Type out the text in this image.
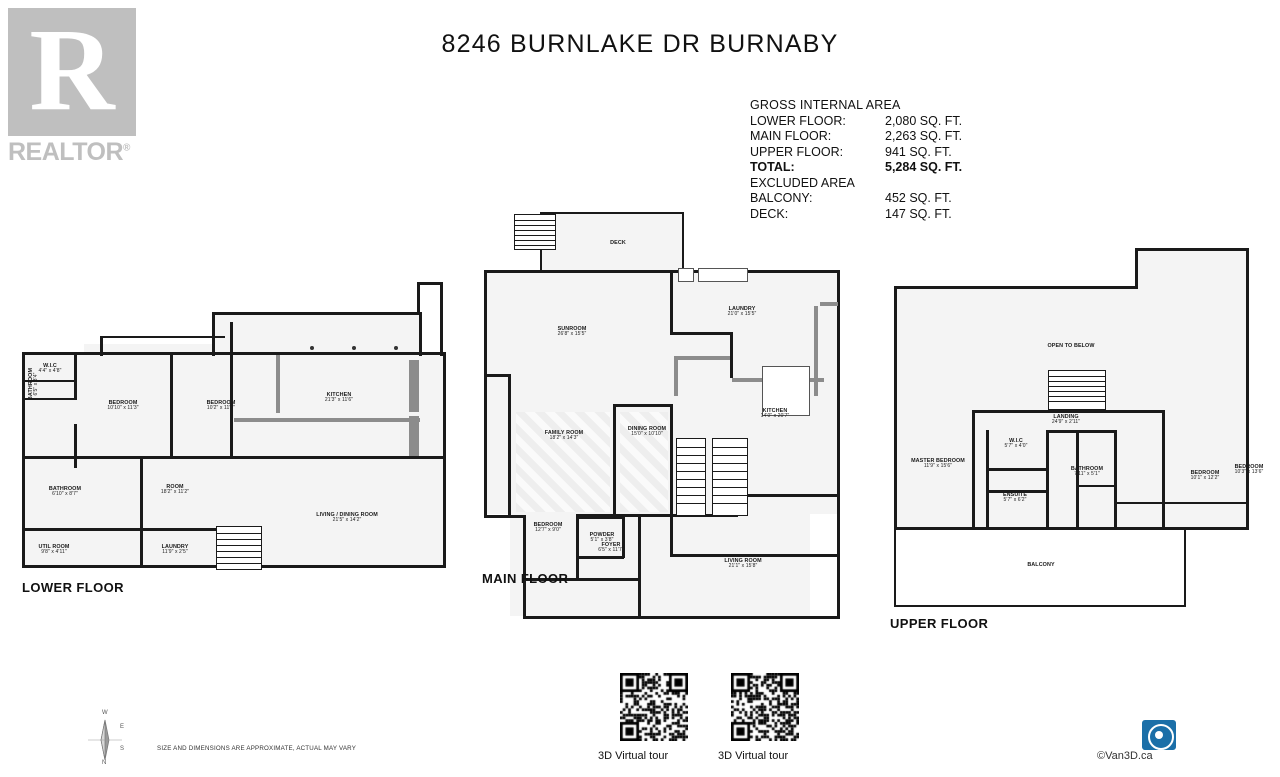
R
REALTOR®
8246 BURNLAKE DR BURNABY
GROSS INTERNAL AREA
LOWER FLOOR:	2,080 SQ. FT.
MAIN FLOOR:	2,263 SQ. FT.
UPPER FLOOR:	941 SQ. FT.
TOTAL:	5,284 SQ. FT.
EXCLUDED AREA
BALCONY:	452 SQ. FT.
DECK:	147 SQ. FT.
W.I.C
4'4" x 4'8"
BEDROOM
10'10" x 11'3"
BEDROOM
10'2" x 11'3"
KITCHEN
21'3" x 11'6"
BATHROOM
6'10" x 8'7"
ROOM
18'2" x 11'2"
LIVING / DINING ROOM
21'5" x 14'2"
UTIL ROOM
9'8" x 4'11"
LAUNDRY
11'9" x 2'5"
BATHROOM 6'5" x 3'4"
LOWER FLOOR
DECK
SUNROOM
26'8" x 15'5"
LAUNDRY
21'0" x 15'5"
KITCHEN
14'0" x 20'7"
FAMILY ROOM
18'2" x 14'3"
DINING ROOM
15'0" x 10'10"
BEDROOM
12'7" x 9'0"
POWDER
5'1" x 3'8"
FOYER
6'5" x 11'7"
LIVING ROOM
21'1" x 15'8"
MAIN FLOOR
OPEN TO BELOW
LANDING
24'9" x 2'11"
MASTER BEDROOM
11'9" x 15'6"
W.I.C
5'7" x 4'0"
BATHROOM
7'11" x 5'1"
ENSUITE
5'7" x 6'2"
BEDROOM
10'1" x 12'2"
BEDROOM
10'3" x 13'6"
BALCONY
UPPER FLOOR
3D Virtual tour	3D Virtual tour
W
N
E
S	SIZE AND DIMENSIONS ARE APPROXIMATE, ACTUAL MAY VARY
©Van3D.ca
